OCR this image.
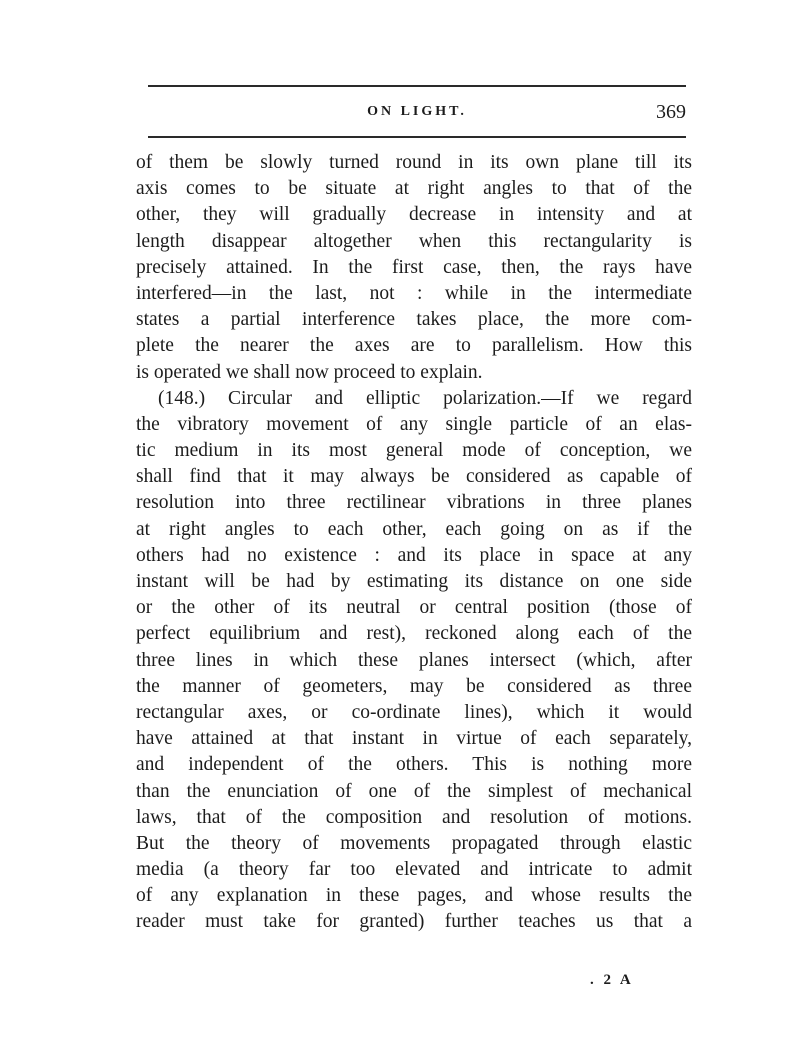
ON LIGHT.	369
of them be slowly turned round in its own plane till its
axis comes to be situate at right angles to that of the
other, they will gradually decrease in intensity and at
length disappear altogether when this rectangularity is
precisely attained. In the first case, then, the rays have
interfered—in the last, not : while in the intermediate
states a partial interference takes place, the more com-
plete the nearer the axes are to parallelism. How this
is operated we shall now proceed to explain.
(148.) Circular and elliptic polarization.—If we regard
the vibratory movement of any single particle of an elas-
tic medium in its most general mode of conception, we
shall find that it may always be considered as capable of
resolution into three rectilinear vibrations in three planes
at right angles to each other, each going on as if the
others had no existence : and its place in space at any
instant will be had by estimating its distance on one side
or the other of its neutral or central position (those of
perfect equilibrium and rest), reckoned along each of the
three lines in which these planes intersect (which, after
the manner of geometers, may be considered as three
rectangular axes, or co-ordinate lines), which it would
have attained at that instant in virtue of each separately,
and independent of the others. This is nothing more
than the enunciation of one of the simplest of mechanical
laws, that of the composition and resolution of motions.
But the theory of movements propagated through elastic
media (a theory far too elevated and intricate to admit
of any explanation in these pages, and whose results the
reader must take for granted) further teaches us that a
. 2 A
